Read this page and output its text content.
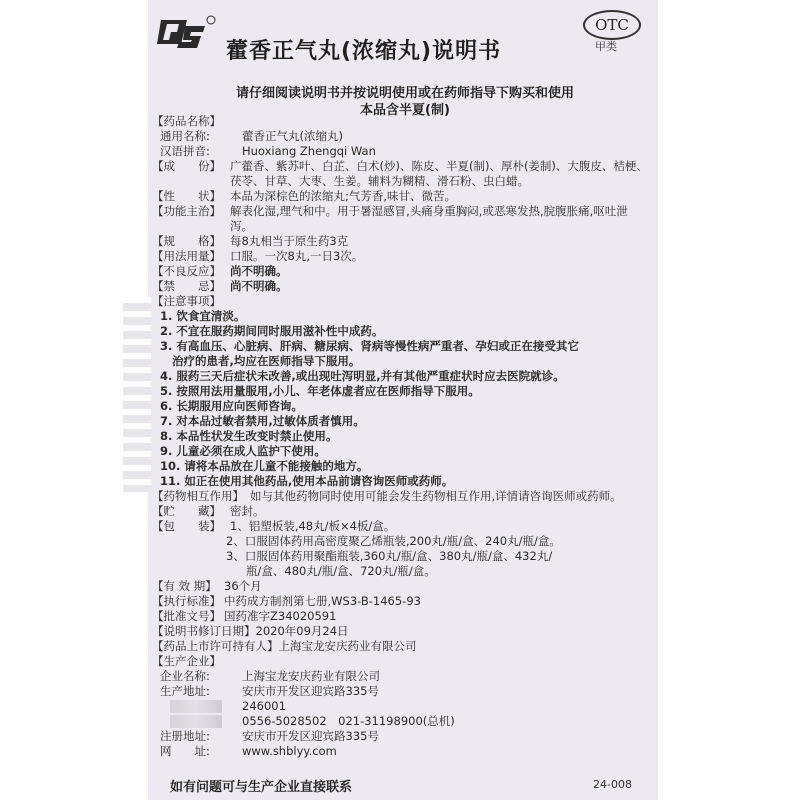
藿香正气丸(浓缩丸)说明书
OTC
甲类
请仔细阅读说明书并按说明使用或在药师指导下购买和使用
本品含半夏(制)
【药品名称】
通用名称:	藿香正气丸(浓缩丸)
汉语拼音:	Huoxiang Zhengqi Wan
【成　　份】 广藿香、紫苏叶、白芷、白术(炒)、陈皮、半夏(制)、厚朴(姜制)、大腹皮、桔梗、茯苓、甘草、大枣、生姜。辅料为糊精、滑石粉、虫白蜡。
【性　　状】 本品为深棕色的浓缩丸;气芳香,味甘、微苦。
【功能主治】 解表化湿,理气和中。用于暑湿感冒,头痛身重胸闷,或恶寒发热,脘腹胀痛,呕吐泄泻。
【规　　格】 每8丸相当于原生药3克
【用法用量】 口服。一次8丸,一日3次。
【不良反应】 尚不明确。
【禁　　忌】 尚不明确。
【注意事项】
1. 饮食宜清淡。
2. 不宜在服药期间同时服用滋补性中成药。
3. 有高血压、心脏病、肝病、糖尿病、肾病等慢性病严重者、孕妇或正在接受其它
治疗的患者,均应在医师指导下服用。
4. 服药三天后症状未改善,或出现吐泻明显,并有其他严重症状时应去医院就诊。
5. 按照用法用量服用,小儿、年老体虚者应在医师指导下服用。
6. 长期服用应向医师咨询。
7. 对本品过敏者禁用,过敏体质者慎用。
8. 本品性状发生改变时禁止使用。
9. 儿童必须在成人监护下使用。
10. 请将本品放在儿童不能接触的地方。
11. 如正在使用其他药品,使用本品前请咨询医师或药师。
【药物相互作用】 如与其他药物同时使用可能会发生药物相互作用,详情请咨询医师或药师。
【贮　　藏】 密封。
【包　　装】 1、铝塑板装,48丸/板×4板/盒。
2、口服固体药用高密度聚乙烯瓶装,200丸/瓶/盒、240丸/瓶/盒。
3、口服固体药用聚酯瓶装,360丸/瓶/盒、380丸/瓶/盒、432丸/
瓶/盒、480丸/瓶/盒、720丸/瓶/盒。
【有 效 期】 36个月
【执行标准】 中药成方制剂第七册,WS3-B-1465-93
【批准文号】 国药准字Z34020591
【说明书修订日期】 2020年09月24日
【药品上市许可持有人】 上海宝龙安庆药业有限公司
【生产企业】
企业名称:	上海宝龙安庆药业有限公司
生产地址:	安庆市开发区迎宾路335号
246001
0556-5028502　021-31198900(总机)
注册地址:	安庆市开发区迎宾路335号
网　　址:	www.shblyy.com
如有问题可与生产企业直接联系	24-008
